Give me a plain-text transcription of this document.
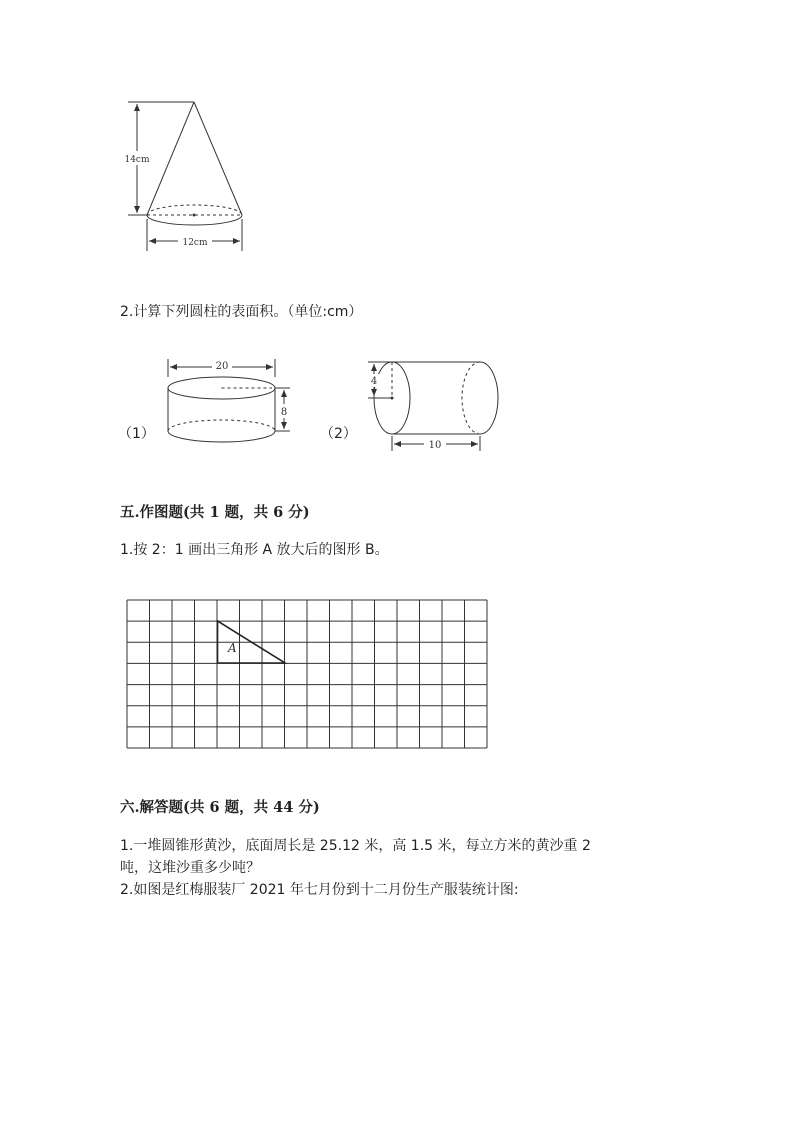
14cm
12cm
2.计算下列圆柱的表面积。（单位:cm）
（1）
20
8
（2）
4
10
五.作图题(共 1 题，共 6 分)
1.按 2：1 画出三角形 A 放大后的图形 B。
A
六.解答题(共 6 题，共 44 分)
1.一堆圆锥形黄沙，底面周长是 25.12 米，高 1.5 米，每立方米的黄沙重 2
吨，这堆沙重多少吨？
2.如图是红梅服装厂 2021 年七月份到十二月份生产服装统计图:
